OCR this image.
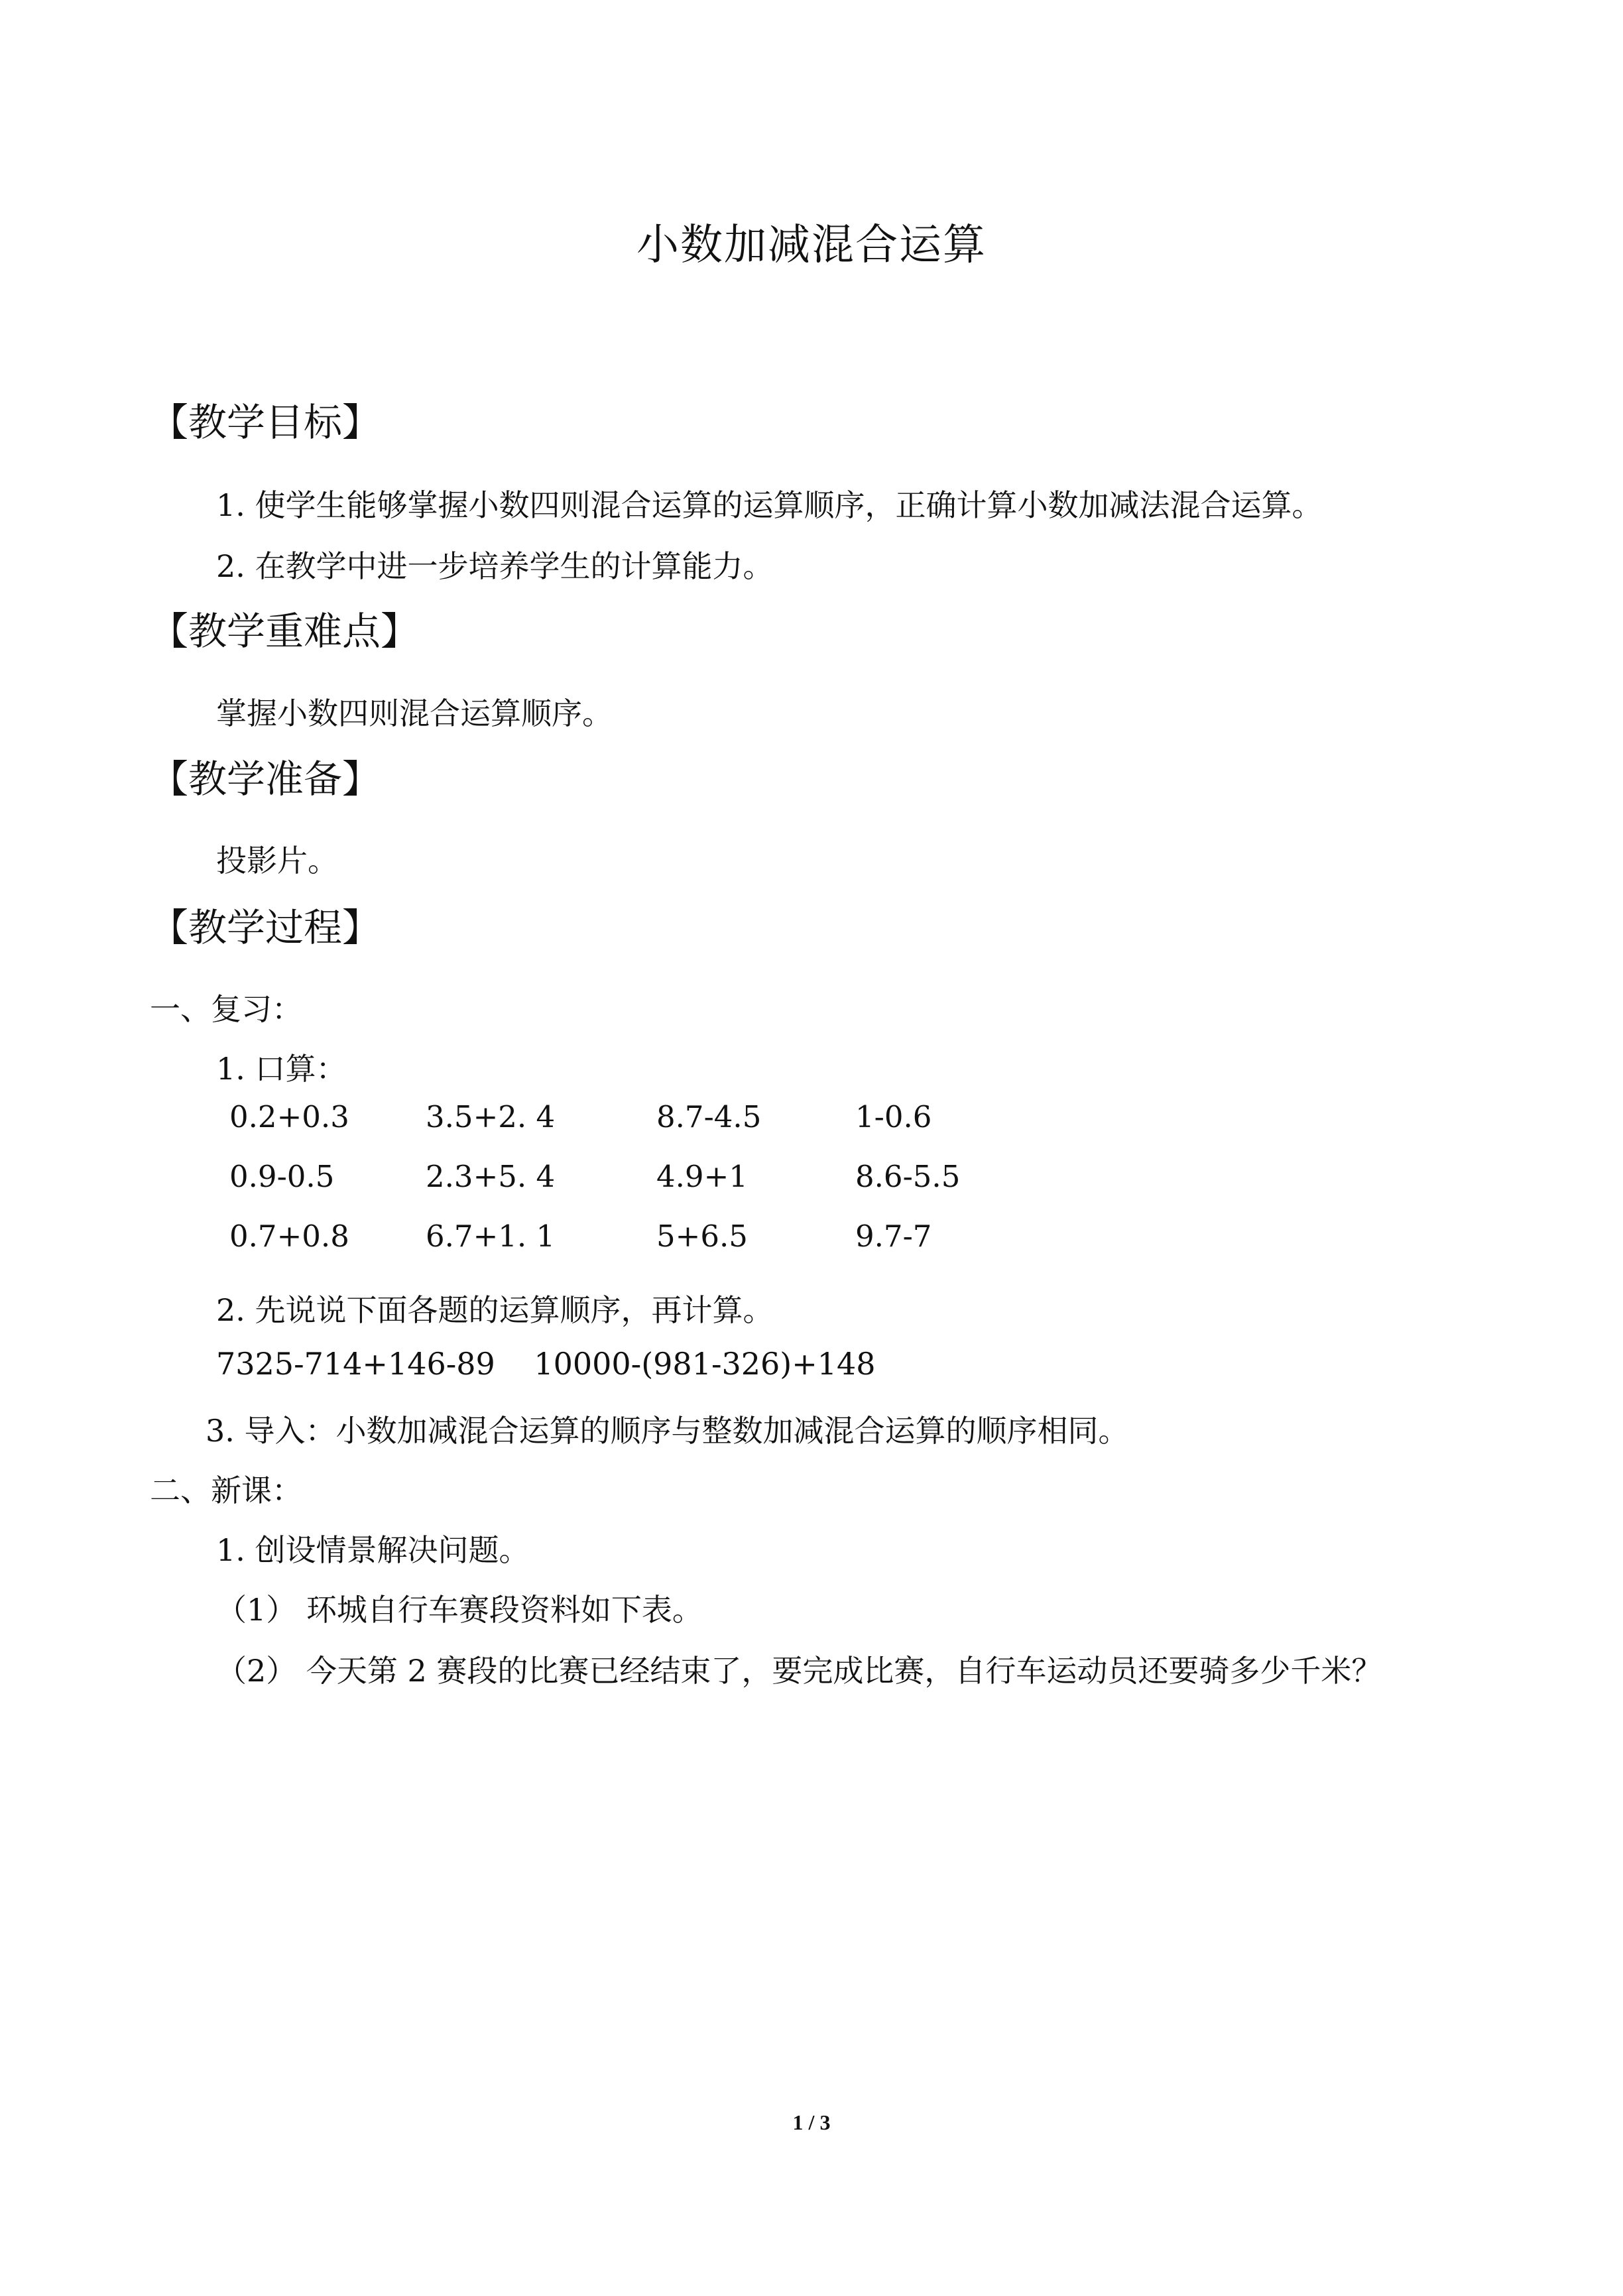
小数加减混合运算
【教学目标】
1. 使学生能够掌握小数四则混合运算的运算顺序，正确计算小数加减法混合运算。
2. 在教学中进一步培养学生的计算能力。
【教学重难点】
掌握小数四则混合运算顺序。
【教学准备】
投影片。
【教学过程】
一、复习：
1. 口算：
0.2+0.3	3.5+2. 4	8.7-4.5	1-0.6
0.9-0.5	2.3+5. 4	4.9+1	8.6-5.5
0.7+0.8	6.7+1. 1	5+6.5	9.7-7
2. 先说说下面各题的运算顺序，再计算。
7325-714+146-89    10000-(981-326)+148
3. 导入：小数加减混合运算的顺序与整数加减混合运算的顺序相同。
二、新课：
1. 创设情景解决问题。
（1） 环城自行车赛段资料如下表。
（2） 今天第 2 赛段的比赛已经结束了，要完成比赛，自行车运动员还要骑多少千米？
1 / 3
